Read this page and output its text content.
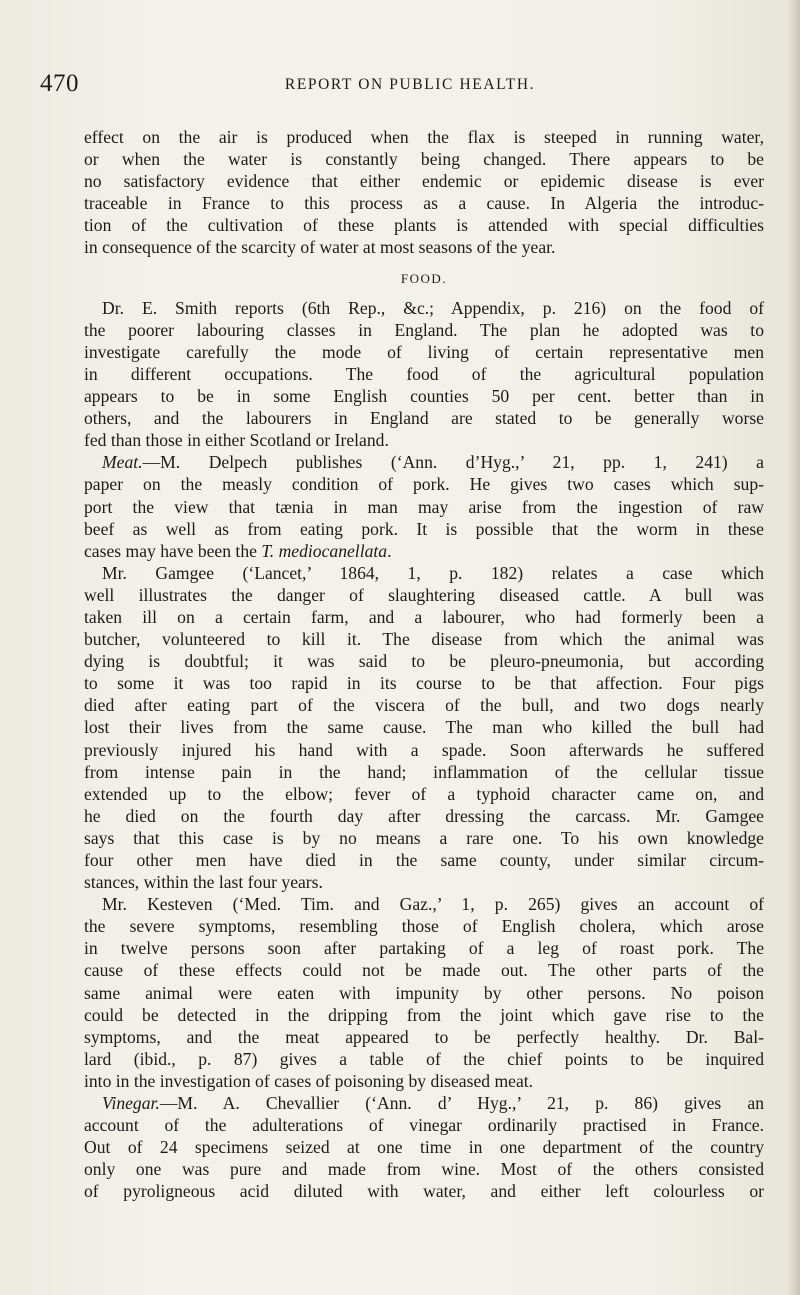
470	REPORT ON PUBLIC HEALTH.
effect on the air is produced when the flax is steeped in running water,
or when the water is constantly being changed. There appears to be
no satisfactory evidence that either endemic or epidemic disease is ever
traceable in France to this process as a cause. In Algeria the introduc-
tion of the cultivation of these plants is attended with special difficulties
in consequence of the scarcity of water at most seasons of the year.
FOOD.
Dr. E. Smith reports (6th Rep., &c.; Appendix, p. 216) on the food of
the poorer labouring classes in England. The plan he adopted was to
investigate carefully the mode of living of certain representative men
in different occupations. The food of the agricultural population
appears to be in some English counties 50 per cent. better than in
others, and the labourers in England are stated to be generally worse
fed than those in either Scotland or Ireland.
Meat.—M. Delpech publishes (‘Ann. d’Hyg.,’ 21, pp. 1, 241) a
paper on the measly condition of pork. He gives two cases which sup-
port the view that tænia in man may arise from the ingestion of raw
beef as well as from eating pork. It is possible that the worm in these
cases may have been the T. mediocanellata.
Mr. Gamgee (‘Lancet,’ 1864, 1, p. 182) relates a case which
well illustrates the danger of slaughtering diseased cattle. A bull was
taken ill on a certain farm, and a labourer, who had formerly been a
butcher, volunteered to kill it. The disease from which the animal was
dying is doubtful; it was said to be pleuro-pneumonia, but according
to some it was too rapid in its course to be that affection. Four pigs
died after eating part of the viscera of the bull, and two dogs nearly
lost their lives from the same cause. The man who killed the bull had
previously injured his hand with a spade. Soon afterwards he suffered
from intense pain in the hand; inflammation of the cellular tissue
extended up to the elbow; fever of a typhoid character came on, and
he died on the fourth day after dressing the carcass. Mr. Gamgee
says that this case is by no means a rare one. To his own knowledge
four other men have died in the same county, under similar circum-
stances, within the last four years.
Mr. Kesteven (‘Med. Tim. and Gaz.,’ 1, p. 265) gives an account of
the severe symptoms, resembling those of English cholera, which arose
in twelve persons soon after partaking of a leg of roast pork. The
cause of these effects could not be made out. The other parts of the
same animal were eaten with impunity by other persons. No poison
could be detected in the dripping from the joint which gave rise to the
symptoms, and the meat appeared to be perfectly healthy. Dr. Bal-
lard (ibid., p. 87) gives a table of the chief points to be inquired
into in the investigation of cases of poisoning by diseased meat.
Vinegar.—M. A. Chevallier (‘Ann. d’ Hyg.,’ 21, p. 86) gives an
account of the adulterations of vinegar ordinarily practised in France.
Out of 24 specimens seized at one time in one department of the country
only one was pure and made from wine. Most of the others consisted
of pyroligneous acid diluted with water, and either left colourless or
